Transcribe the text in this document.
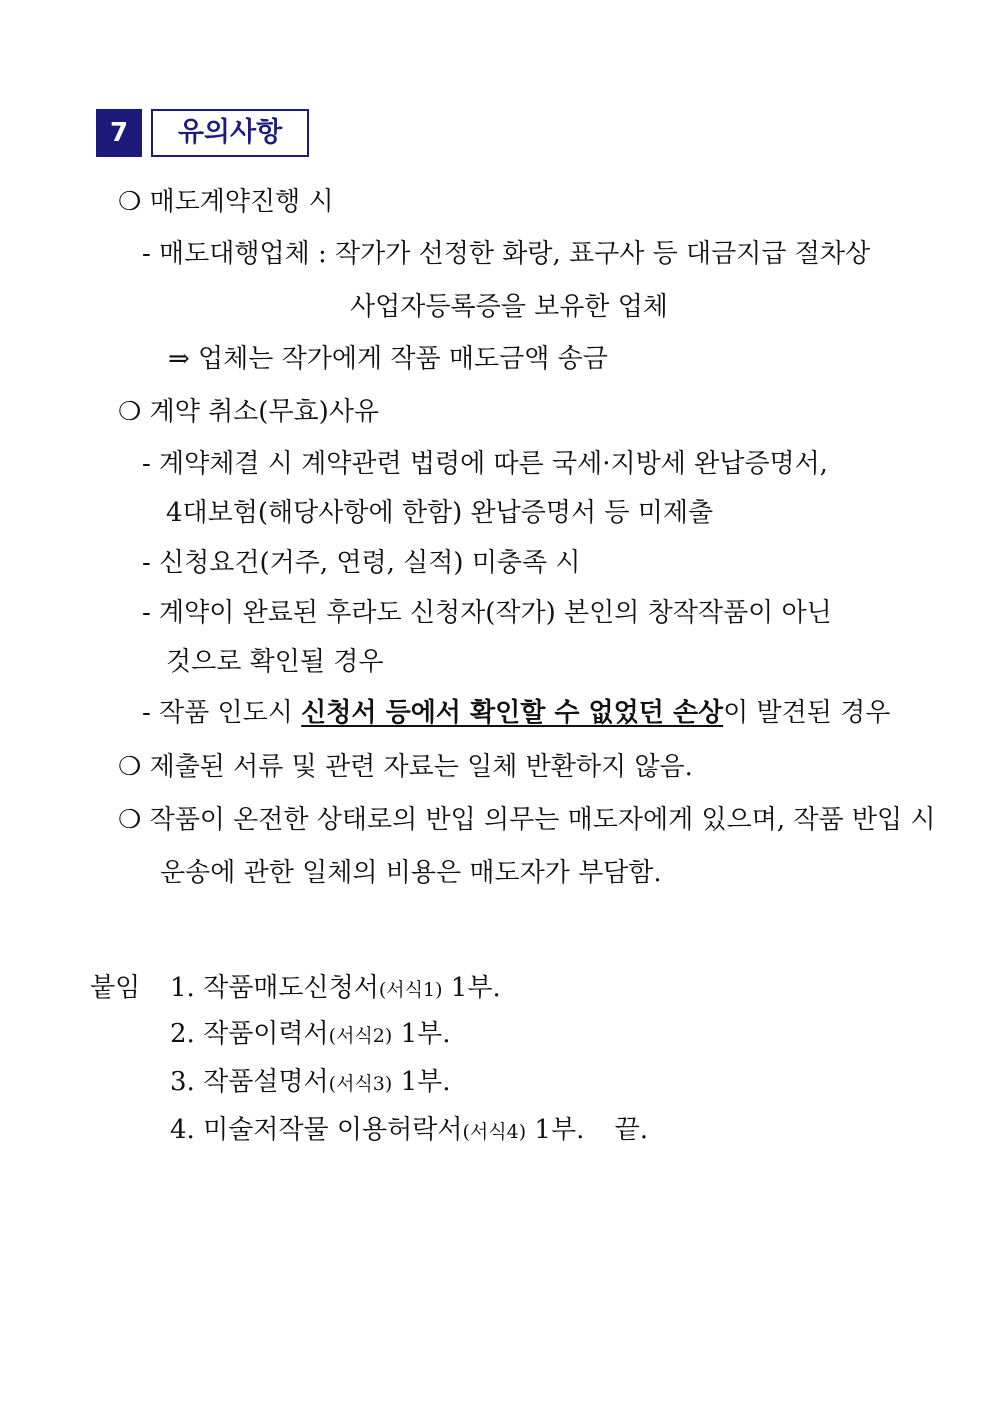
7	유의사항
❍ 매도계약진행 시
- 매도대행업체 : 작가가 선정한 화랑, 표구사 등 대금지급 절차상
사업자등록증을 보유한 업체
⇒ 업체는 작가에게 작품 매도금액 송금
❍ 계약 취소(무효)사유
- 계약체결 시 계약관련 법령에 따른 국세·지방세 완납증명서,
4대보험(해당사항에 한함) 완납증명서 등 미제출
- 신청요건(거주, 연령, 실적) 미충족 시
- 계약이 완료된 후라도 신청자(작가) 본인의 창작작품이 아닌
것으로 확인될 경우
- 작품 인도시 신청서 등에서 확인할 수 없었던 손상이 발견된 경우
❍ 제출된 서류 및 관련 자료는 일체 반환하지 않음.
❍ 작품이 온전한 상태로의 반입 의무는 매도자에게 있으며, 작품 반입 시
운송에 관한 일체의 비용은 매도자가 부담함.
붙임 1. 작품매도신청서(서식1) 1부.
2. 작품이력서(서식2) 1부.
3. 작품설명서(서식3) 1부.
4. 미술저작물 이용허락서(서식4) 1부. 끝.
